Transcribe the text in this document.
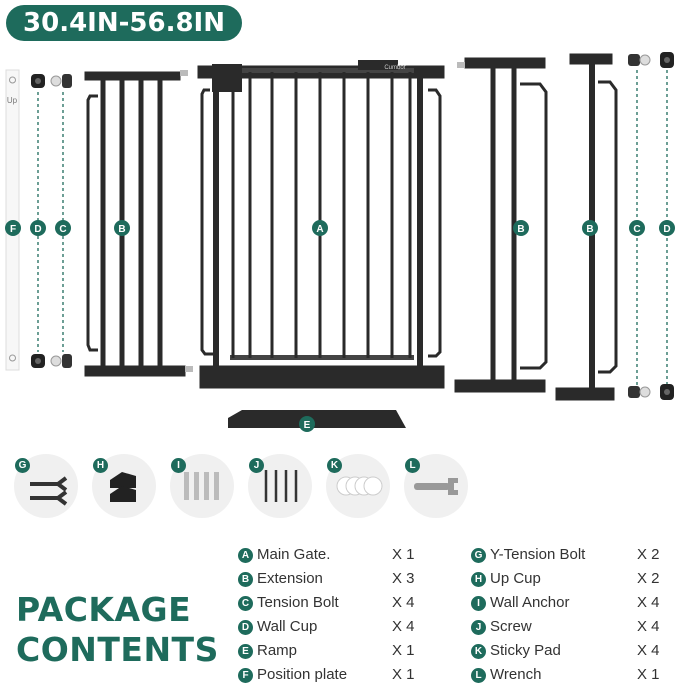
30.4IN-56.8IN
F D C	B	A	B	B	C D
E
Up
Cumbor
G	H	I	J	K	L
PACKAGE
CONTENTS
A Main Gate.	X 1
B Extension	X 3
C Tension Bolt	X 4
D Wall Cup	X 4
E Ramp	X 1
F Position plate	X 1
G Y-Tension Bolt	X 2
H Up Cup	X 2
I Wall Anchor	X 4
J Screw	X 4
K Sticky Pad	X 4
L Wrench	X 1
